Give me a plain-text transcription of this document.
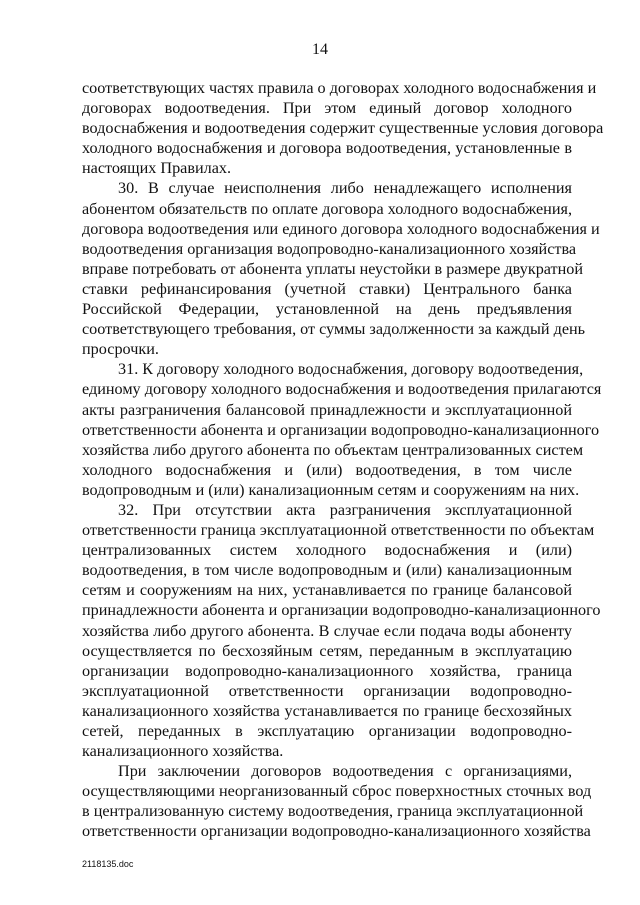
14
соответствующих частях правила о договорах холодного водоснабжения и
договорах водоотведения. При этом единый договор холодного
водоснабжения и водоотведения содержит существенные условия договора
холодного водоснабжения и договора водоотведения, установленные в
настоящих Правилах.
30. В случае неисполнения либо ненадлежащего исполнения
абонентом обязательств по оплате договора холодного водоснабжения,
договора водоотведения или единого договора холодного водоснабжения и
водоотведения организация водопроводно-канализационного хозяйства
вправе потребовать от абонента уплаты неустойки в размере двукратной
ставки рефинансирования (учетной ставки) Центрального банка
Российской Федерации, установленной на день предъявления
соответствующего требования, от суммы задолженности за каждый день
просрочки.
31. К договору холодного водоснабжения, договору водоотведения,
единому договору холодного водоснабжения и водоотведения прилагаются
акты разграничения балансовой принадлежности и эксплуатационной
ответственности абонента и организации водопроводно-канализационного
хозяйства либо другого абонента по объектам централизованных систем
холодного водоснабжения и (или) водоотведения, в том числе
водопроводным и (или) канализационным сетям и сооружениям на них.
32. При отсутствии акта разграничения эксплуатационной
ответственности граница эксплуатационной ответственности по объектам
централизованных систем холодного водоснабжения и (или)
водоотведения, в том числе водопроводным и (или) канализационным
сетям и сооружениям на них, устанавливается по границе балансовой
принадлежности абонента и организации водопроводно-канализационного
хозяйства либо другого абонента. В случае если подача воды абоненту
осуществляется по бесхозяйным сетям, переданным в эксплуатацию
организации водопроводно-канализационного хозяйства, граница
эксплуатационной ответственности организации водопроводно-
канализационного хозяйства устанавливается по границе бесхозяйных
сетей, переданных в эксплуатацию организации водопроводно-
канализационного хозяйства.
При заключении договоров водоотведения с организациями,
осуществляющими неорганизованный сброс поверхностных сточных вод
в централизованную систему водоотведения, граница эксплуатационной
ответственности организации водопроводно-канализационного хозяйства
2118135.doc
